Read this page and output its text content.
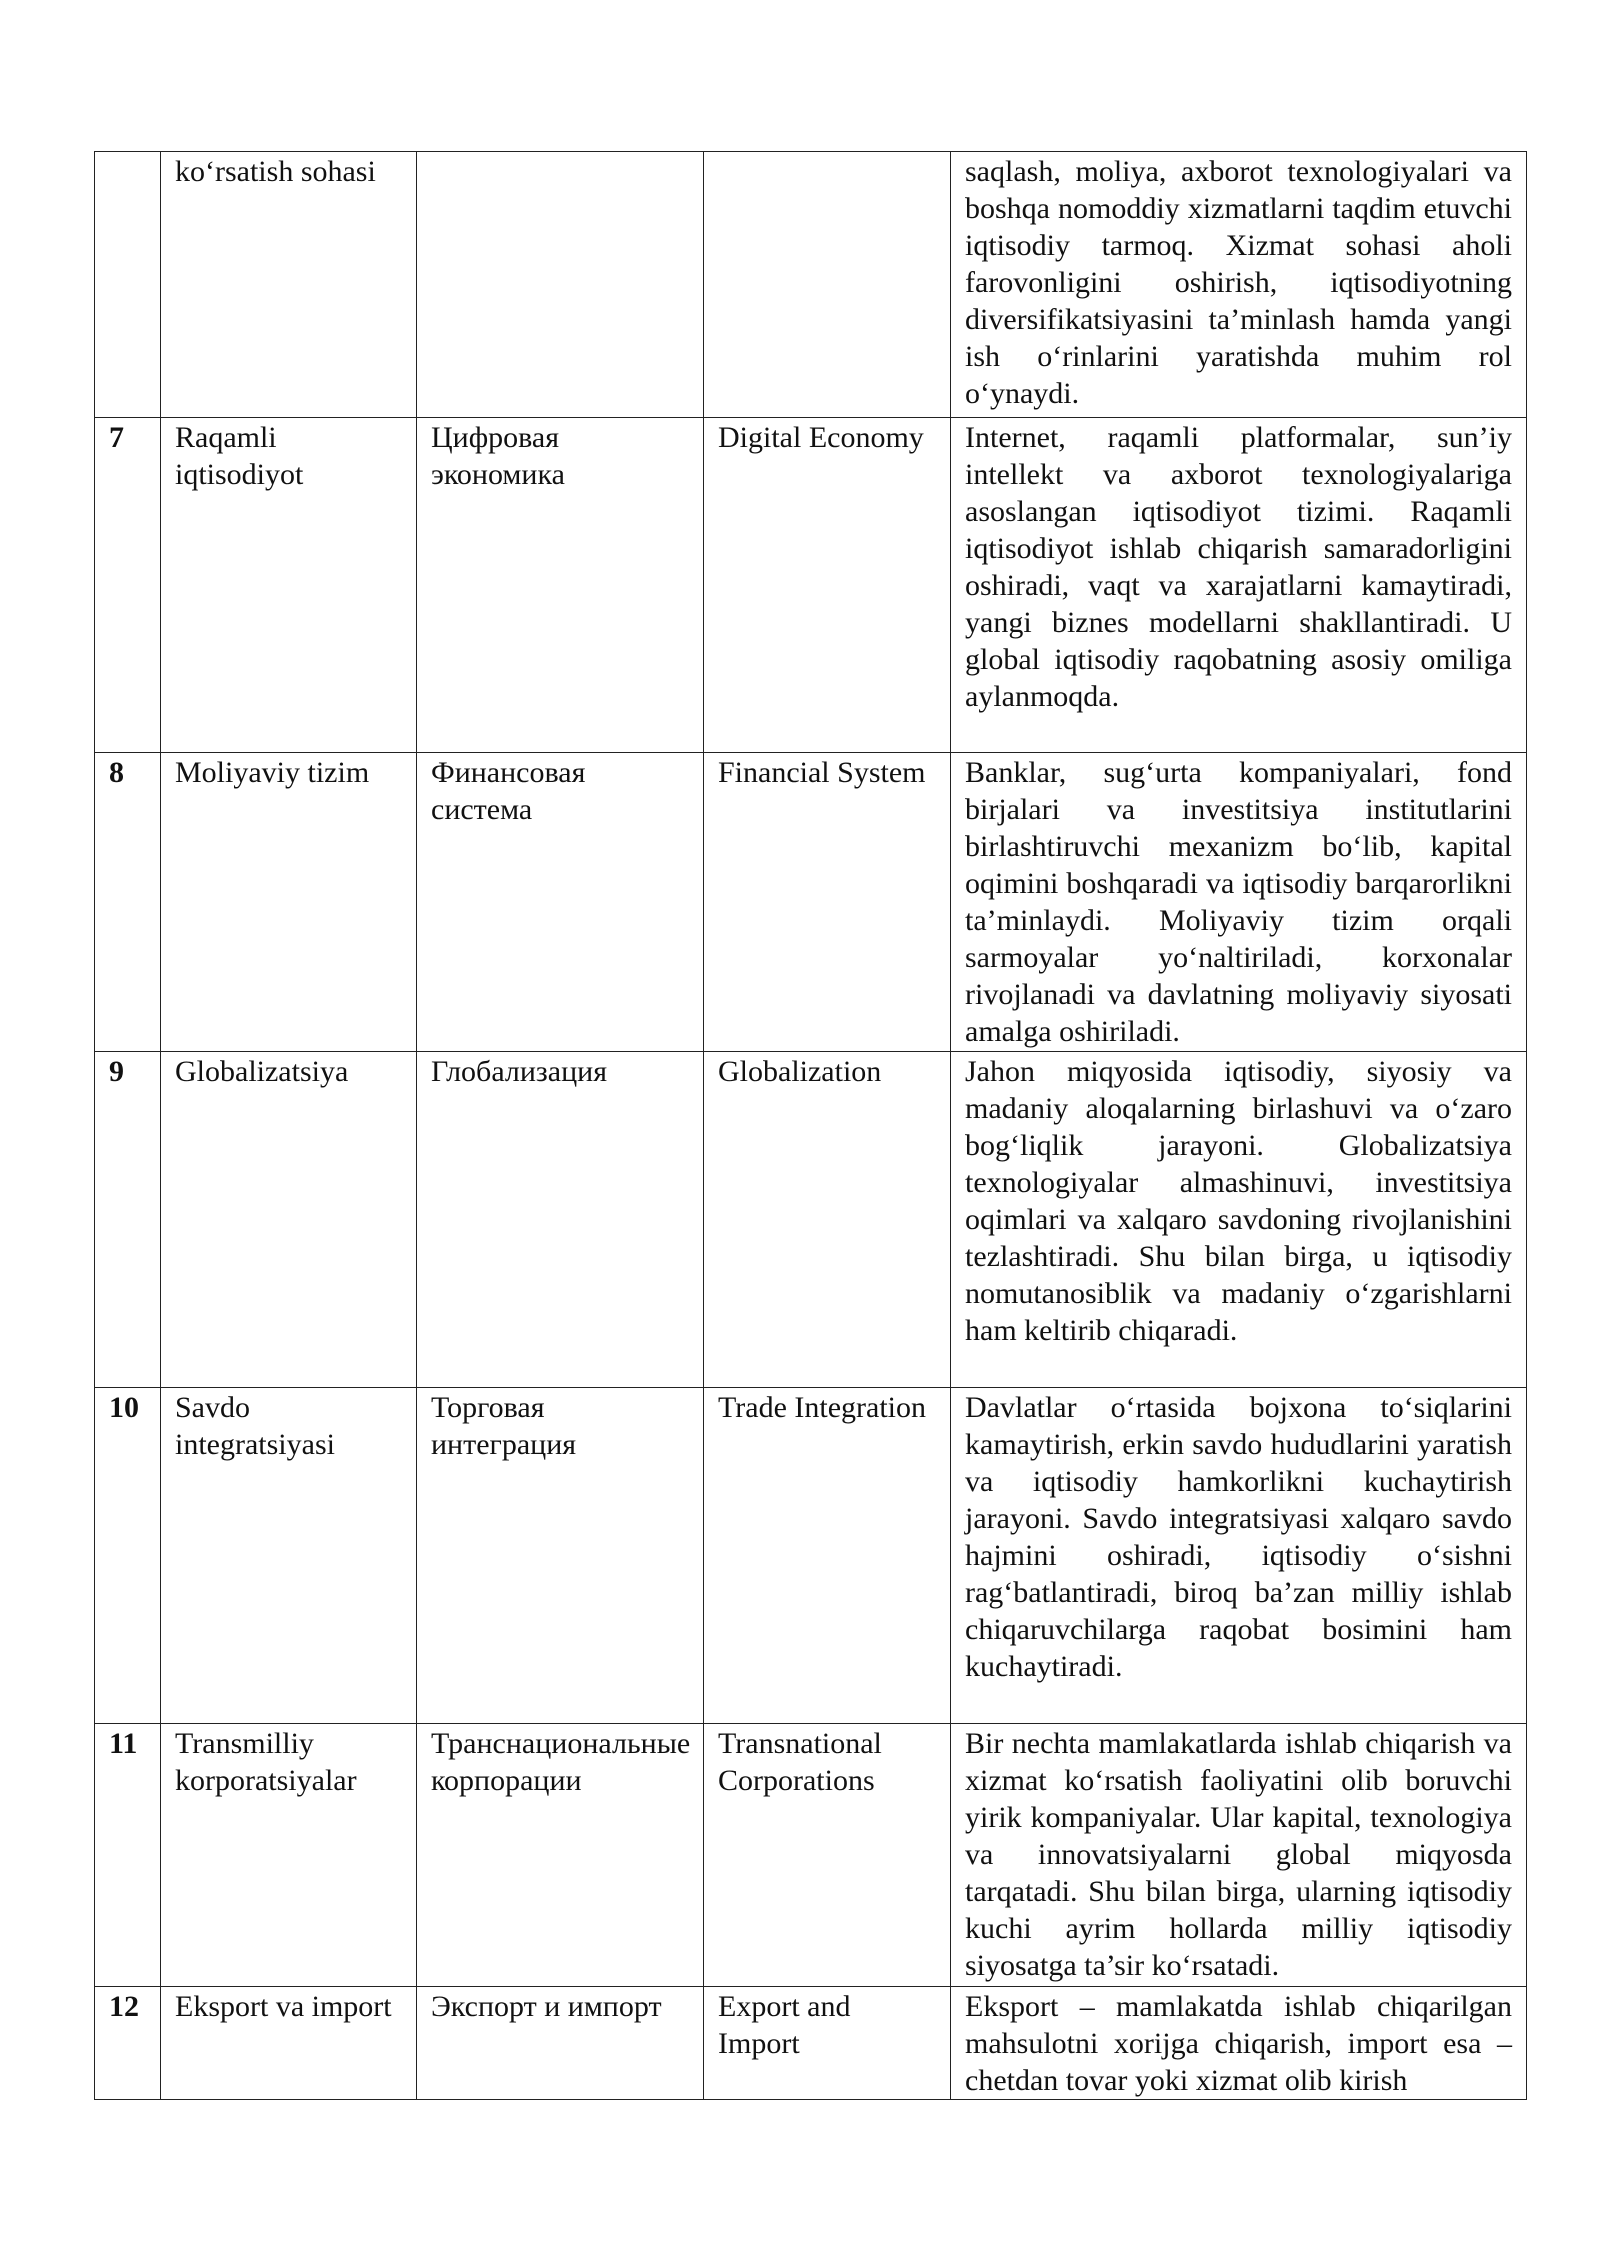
	ko‘rsatish sohasi			saqlash, moliya, axborot texnologiyalari va boshqa nomoddiy xizmatlarni taqdim etuvchi iqtisodiy tarmoq. Xizmat sohasi aholi farovonligini oshirish, iqtisodiyotning diversifikatsiyasini ta’minlash hamda yangi ish o‘rinlarini yaratishda muhim rol o‘ynaydi.
7	Raqamli iqtisodiyot	Цифровая экономика	Digital Economy	Internet, raqamli platformalar, sun’iy intellekt va axborot texnologiyalariga asoslangan iqtisodiyot tizimi. Raqamli iqtisodiyot ishlab chiqarish samaradorligini oshiradi, vaqt va xarajatlarni kamaytiradi, yangi biznes modellarni shakllantiradi. U global iqtisodiy raqobatning asosiy omiliga aylanmoqda.
8	Moliyaviy tizim	Финансовая система	Financial System	Banklar, sug‘urta kompaniyalari, fond birjalari va investitsiya institutlarini birlashtiruvchi mexanizm bo‘lib, kapital oqimini boshqaradi va iqtisodiy barqarorlikni ta’minlaydi. Moliyaviy tizim orqali sarmoyalar yo‘naltiriladi, korxonalar rivojlanadi va davlatning moliyaviy siyosati amalga oshiriladi.
9	Globalizatsiya	Глобализация	Globalization	Jahon miqyosida iqtisodiy, siyosiy va madaniy aloqalarning birlashuvi va o‘zaro bog‘liqlik jarayoni. Globalizatsiya texnologiyalar almashinuvi, investitsiya oqimlari va xalqaro savdoning rivojlanishini tezlashtiradi. Shu bilan birga, u iqtisodiy nomutanosiblik va madaniy o‘zgarishlarni ham keltirib chiqaradi.
10	Savdo integratsiyasi	Торговая интеграция	Trade Integration	Davlatlar o‘rtasida bojxona to‘siqlarini kamaytirish, erkin savdo hududlarini yaratish va iqtisodiy hamkorlikni kuchaytirish jarayoni. Savdo integratsiyasi xalqaro savdo hajmini oshiradi, iqtisodiy o‘sishni rag‘batlantiradi, biroq ba’zan milliy ishlab chiqaruvchilarga raqobat bosimini ham kuchaytiradi.
11	Transmilliy korporatsiyalar	Транснациональные корпорации	Transnational Corporations	Bir nechta mamlakatlarda ishlab chiqarish va xizmat ko‘rsatish faoliyatini olib boruvchi yirik kompaniyalar. Ular kapital, texnologiya va innovatsiyalarni global miqyosda tarqatadi. Shu bilan birga, ularning iqtisodiy kuchi ayrim hollarda milliy iqtisodiy siyosatga ta’sir ko‘rsatadi.
12	Eksport va import	Экспорт и импорт	Export and Import	Eksport – mamlakatda ishlab chiqarilgan mahsulotni xorijga chiqarish, import esa – chetdan tovar yoki xizmat olib kirish
